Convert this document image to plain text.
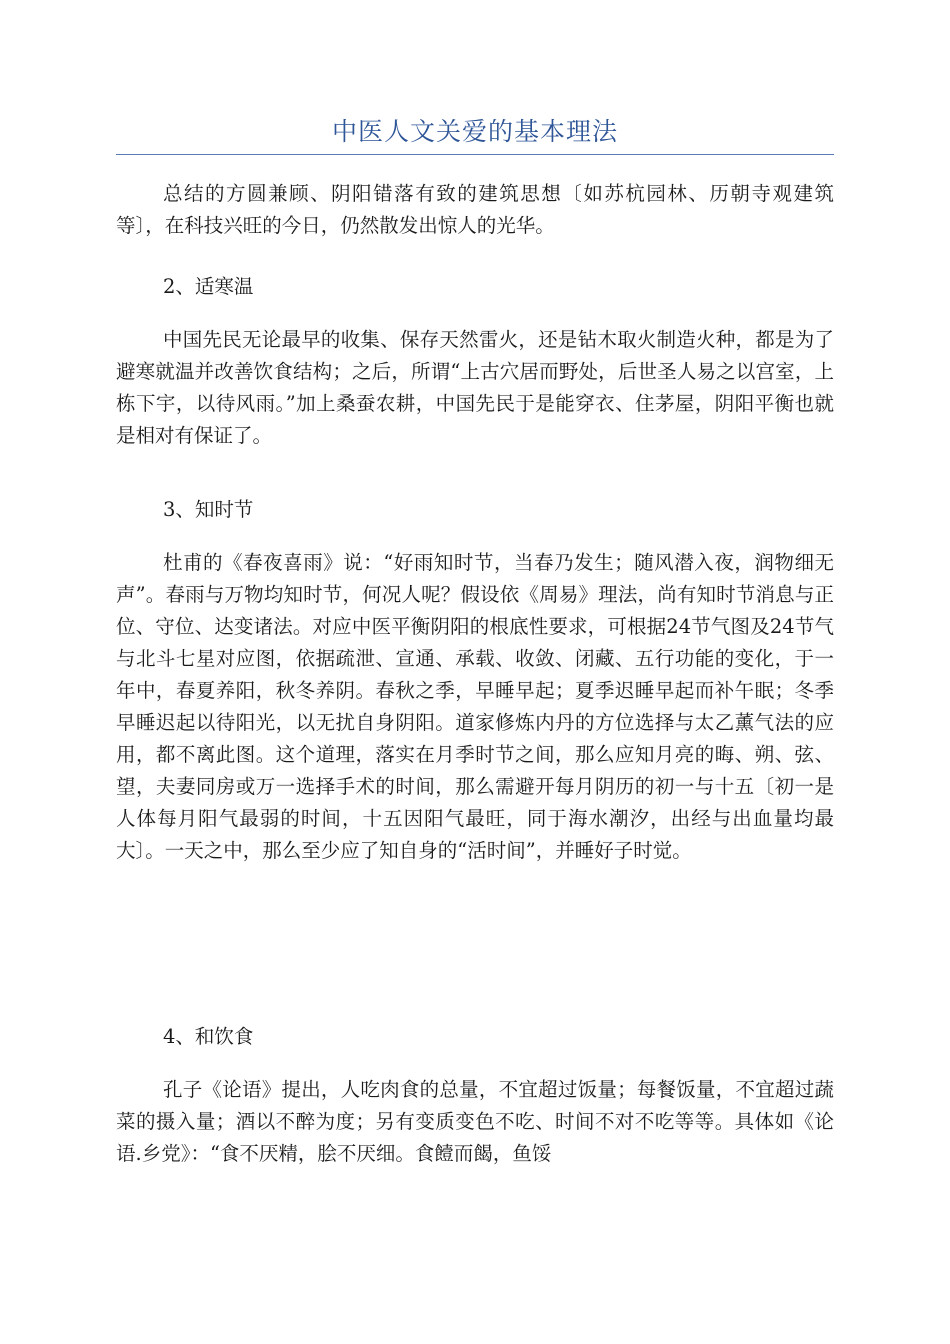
中医人文关爱的基本理法

总结的方圆兼顾、阴阳错落有致的建筑思想〔如苏杭园林、历朝寺观建筑等〕，在科技兴旺的今日，仍然散发出惊人的光华。

2、适寒温

中国先民无论最早的收集、保存天然雷火，还是钻木取火制造火种，都是为了避寒就温并改善饮食结构；之后，所谓“上古穴居而野处，后世圣人易之以宫室，上栋下宇，以待风雨。”加上桑蚕农耕，中国先民于是能穿衣、住茅屋，阴阳平衡也就是相对有保证了。

3、知时节

杜甫的《春夜喜雨》说：“好雨知时节，当春乃发生；随风潜入夜，润物细无声”。春雨与万物均知时节，何况人呢？假设依《周易》理法，尚有知时节消息与正位、守位、达变诸法。对应中医平衡阴阳的根底性要求，可根据24节气图及24节气与北斗七星对应图，依据疏泄、宣通、承载、收敛、闭藏、五行功能的变化，于一年中，春夏养阳，秋冬养阴。春秋之季，早睡早起；夏季迟睡早起而补午眠；冬季早睡迟起以待阳光，以无扰自身阴阳。道家修炼内丹的方位选择与太乙薰气法的应用，都不离此图。这个道理，落实在月季时节之间，那么应知月亮的晦、朔、弦、望，夫妻同房或万一选择手术的时间，那么需避开每月阴历的初一与十五〔初一是人体每月阳气最弱的时间，十五因阳气最旺，同于海水潮汐，出经与出血量均最大〕。一天之中，那么至少应了知自身的“活时间”，并睡好子时觉。

4、和饮食

孔子《论语》提出，人吃肉食的总量，不宜超过饭量；每餐饭量，不宜超过蔬菜的摄入量；酒以不醉为度；另有变质变色不吃、时间不对不吃等等。具体如《论语.乡党》：“食不厌精，脍不厌细。食饐而餲，鱼馁
